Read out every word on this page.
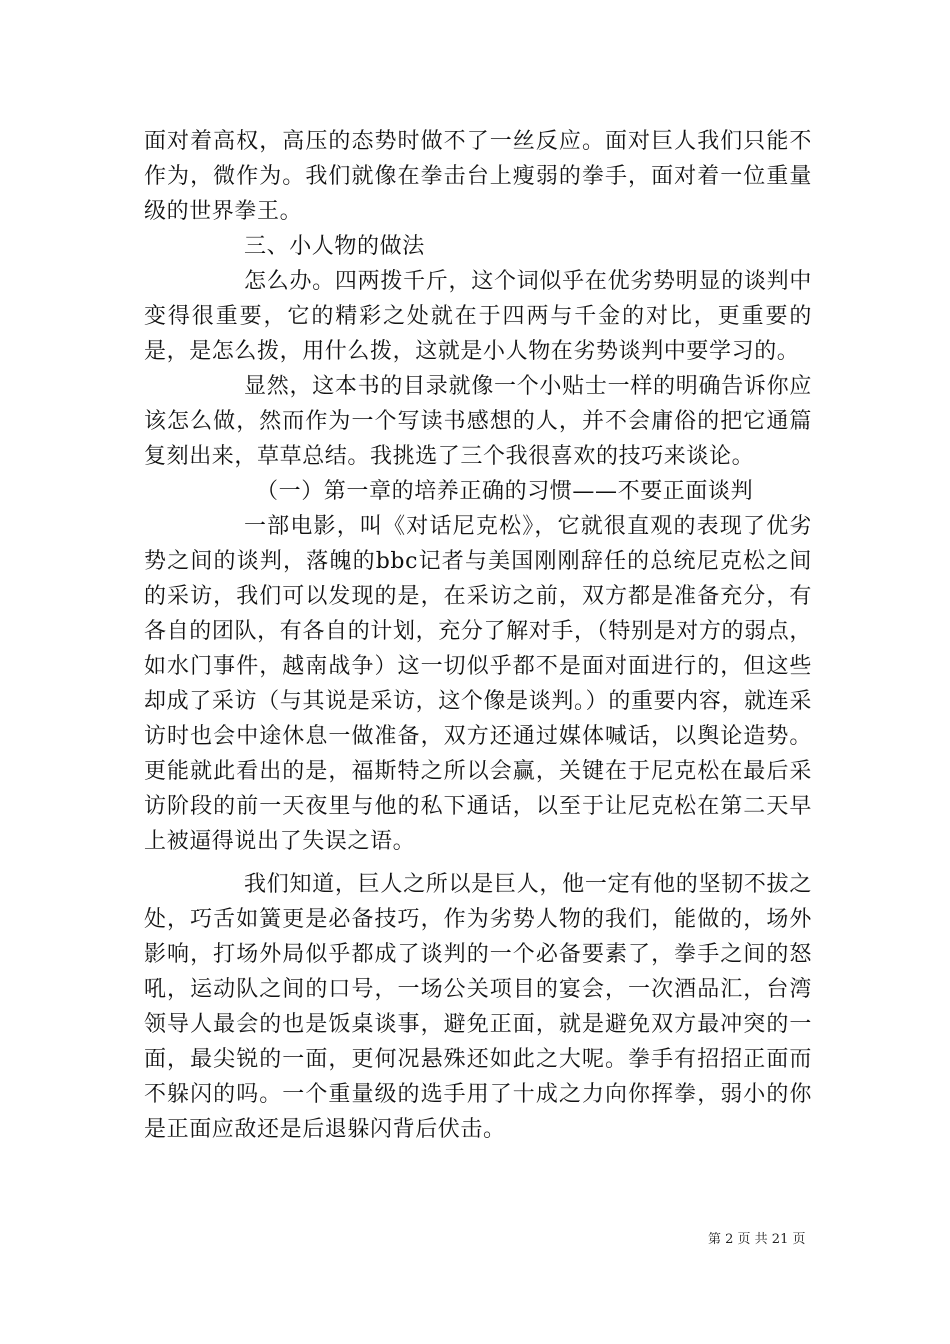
面对着高权，高压的态势时做不了一丝反应。面对巨人我们只能不作为，微作为。我们就像在拳击台上瘦弱的拳手，面对着一位重量级的世界拳王。

三、小人物的做法

怎么办。四两拨千斤，这个词似乎在优劣势明显的谈判中变得很重要，它的精彩之处就在于四两与千金的对比，更重要的是，是怎么拨，用什么拨，这就是小人物在劣势谈判中要学习的。

显然，这本书的目录就像一个小贴士一样的明确告诉你应该怎么做，然而作为一个写读书感想的人，并不会庸俗的把它通篇复刻出来，草草总结。我挑选了三个我很喜欢的技巧来谈论。

（一）第一章的培养正确的习惯——不要正面谈判

一部电影，叫《对话尼克松》，它就很直观的表现了优劣势之间的谈判，落魄的bbc记者与美国刚刚辞任的总统尼克松之间的采访，我们可以发现的是，在采访之前，双方都是准备充分，有各自的团队，有各自的计划，充分了解对手，（特别是对方的弱点，如水门事件，越南战争）这一切似乎都不是面对面进行的，但这些却成了采访（与其说是采访，这个像是谈判。）的重要内容，就连采访时也会中途休息一做准备，双方还通过媒体喊话，以舆论造势。更能就此看出的是，福斯特之所以会赢，关键在于尼克松在最后采访阶段的前一天夜里与他的私下通话，以至于让尼克松在第二天早上被逼得说出了失误之语。

我们知道，巨人之所以是巨人，他一定有他的坚韧不拔之处，巧舌如簧更是必备技巧，作为劣势人物的我们，能做的，场外影响，打场外局似乎都成了谈判的一个必备要素了，拳手之间的怒吼，运动队之间的口号，一场公关项目的宴会，一次酒品汇，台湾领导人最会的也是饭桌谈事，避免正面，就是避免双方最冲突的一面，最尖锐的一面，更何况悬殊还如此之大呢。拳手有招招正面而不躲闪的吗。一个重量级的选手用了十成之力向你挥拳，弱小的你是正面应敌还是后退躲闪背后伏击。

第 2 页 共 21 页
